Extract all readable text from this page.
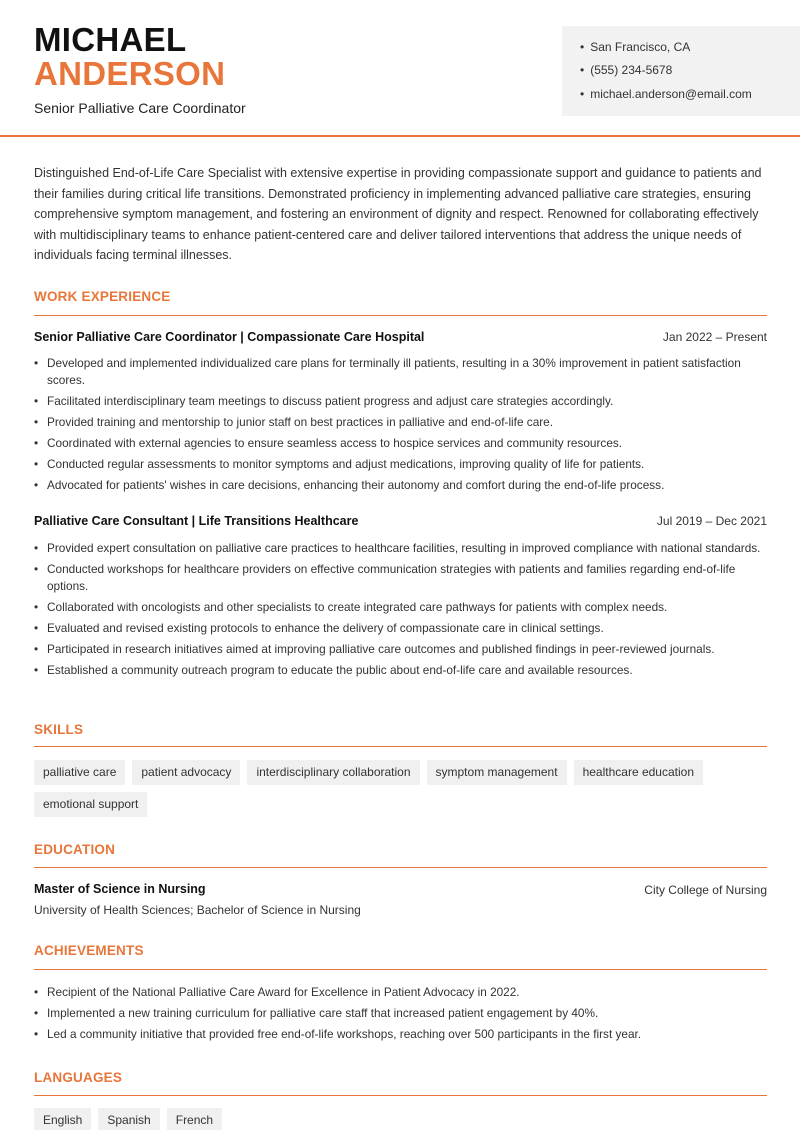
MICHAEL
ANDERSON
Senior Palliative Care Coordinator
• San Francisco, CA
• (555) 234-5678
• michael.anderson@email.com
Distinguished End-of-Life Care Specialist with extensive expertise in providing compassionate support and guidance to patients and their families during critical life transitions. Demonstrated proficiency in implementing advanced palliative care strategies, ensuring comprehensive symptom management, and fostering an environment of dignity and respect. Renowned for collaborating effectively with multidisciplinary teams to enhance patient-centered care and deliver tailored interventions that address the unique needs of individuals facing terminal illnesses.
WORK EXPERIENCE
Senior Palliative Care Coordinator | Compassionate Care Hospital	Jan 2022 – Present
• Developed and implemented individualized care plans for terminally ill patients, resulting in a 30% improvement in patient satisfaction scores.
• Facilitated interdisciplinary team meetings to discuss patient progress and adjust care strategies accordingly.
• Provided training and mentorship to junior staff on best practices in palliative and end-of-life care.
• Coordinated with external agencies to ensure seamless access to hospice services and community resources.
• Conducted regular assessments to monitor symptoms and adjust medications, improving quality of life for patients.
• Advocated for patients' wishes in care decisions, enhancing their autonomy and comfort during the end-of-life process.
Palliative Care Consultant | Life Transitions Healthcare	Jul 2019 – Dec 2021
• Provided expert consultation on palliative care practices to healthcare facilities, resulting in improved compliance with national standards.
• Conducted workshops for healthcare providers on effective communication strategies with patients and families regarding end-of-life options.
• Collaborated with oncologists and other specialists to create integrated care pathways for patients with complex needs.
• Evaluated and revised existing protocols to enhance the delivery of compassionate care in clinical settings.
• Participated in research initiatives aimed at improving palliative care outcomes and published findings in peer-reviewed journals.
• Established a community outreach program to educate the public about end-of-life care and available resources.
SKILLS
palliative care patient advocacy interdisciplinary collaboration symptom management healthcare educationemotional support
EDUCATION
Master of Science in Nursing	City College of Nursing
University of Health Sciences; Bachelor of Science in Nursing
ACHIEVEMENTS
• Recipient of the National Palliative Care Award for Excellence in Patient Advocacy in 2022.
• Implemented a new training curriculum for palliative care staff that increased patient engagement by 40%.
• Led a community initiative that provided free end-of-life workshops, reaching over 500 participants in the first year.
LANGUAGES
English Spanish French
